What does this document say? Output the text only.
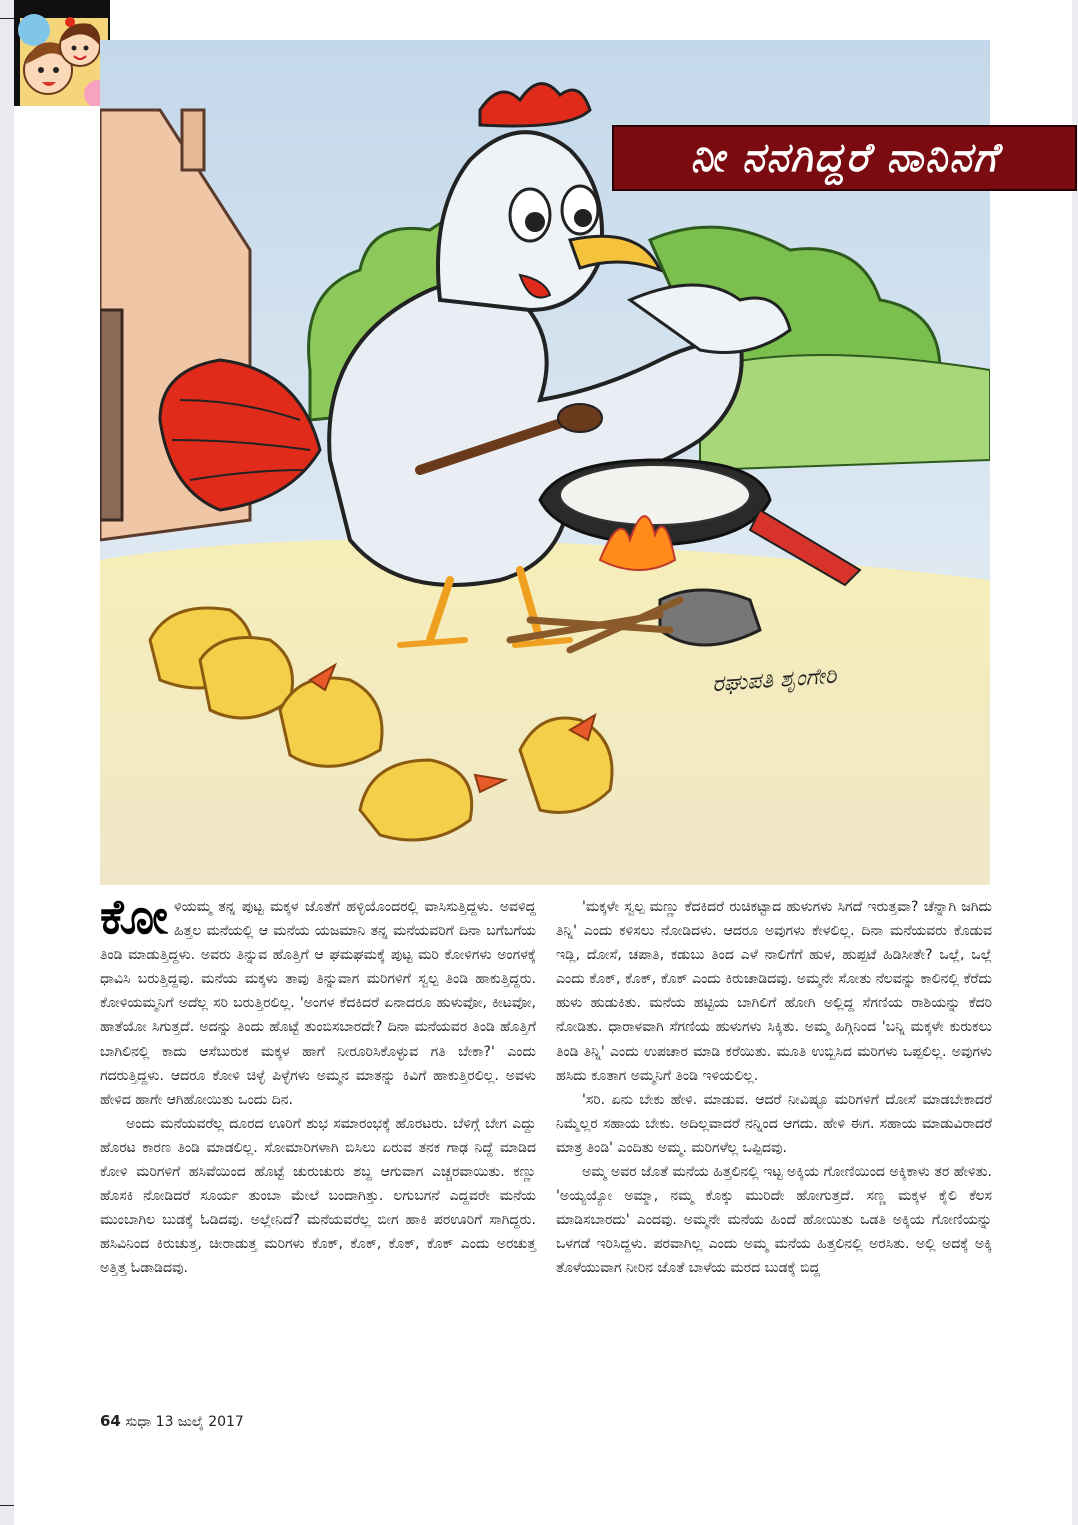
ನೀ ನನಗಿದ್ದರೆ ನಾನಿನಗೆ
ರಘುಪತಿ ಶೃಂಗೇರಿ

ಕೋಳಿಯಮ್ಮ ತನ್ನ ಪುಟ್ಟ ಮಕ್ಕಳ ಜೊತೆಗೆ ಹಳ್ಳಿಯೊಂದರಲ್ಲಿ ವಾಸಿಸುತ್ತಿದ್ದಳು. ಅವಳಿದ್ದ ಹಿತ್ತಲ ಮನೆಯಲ್ಲಿ ಆ ಮನೆಯ ಯಜಮಾನಿ ತನ್ನ ಮನೆಯವರಿಗೆ ದಿನಾ ಬಗೆಬಗೆಯ ತಿಂಡಿ ಮಾಡುತ್ತಿದ್ದಳು. ಅವರು ತಿನ್ನುವ ಹೊತ್ತಿಗೆ ಆ ಘಮಘಮಕ್ಕೆ ಪುಟ್ಟ ಮರಿ ಕೋಳಿಗಳು ಅಂಗಳಕ್ಕೆ ಧಾವಿಸಿ ಬರುತ್ತಿದ್ದವು. ಮನೆಯ ಮಕ್ಕಳು ತಾವು ತಿನ್ನುವಾಗ ಮರಿಗಳಿಗೆ ಸ್ವಲ್ಪ ತಿಂಡಿ ಹಾಕುತ್ತಿದ್ದರು. ಕೋಳಿಯಮ್ಮನಿಗೆ ಅದೆಲ್ಲ ಸರಿ ಬರುತ್ತಿರಲಿಲ್ಲ. 'ಅಂಗಳ ಕೆದಕಿದರೆ ಏನಾದರೂ ಹುಳುವೋ, ಕೀಟವೋ, ಹಾತೆಯೋ ಸಿಗುತ್ತದೆ. ಅದನ್ನು ತಿಂದು ಹೊಟ್ಟೆ ತುಂಬಿಸಬಾರದೇ? ದಿನಾ ಮನೆಯವರ ತಿಂಡಿ ಹೊತ್ತಿಗೆ ಬಾಗಿಲಿನಲ್ಲಿ ಕಾದು ಆಸೆಬುರುಕ ಮಕ್ಕಳ ಹಾಗೆ ನೀರೂರಿಸಿಕೊಳ್ಳುವ ಗತಿ ಬೇಕಾ?' ಎಂದು ಗದರುತ್ತಿದ್ದಳು. ಆದರೂ ಕೋಳಿ ಚಿಳ್ಳೆ ಪಿಳ್ಳೆಗಳು ಅಮ್ಮನ ಮಾತನ್ನು ಕಿವಿಗೆ ಹಾಕುತ್ತಿರಲಿಲ್ಲ. ಅವಳು ಹೇಳಿದ ಹಾಗೇ ಆಗಿಹೋಯಿತು ಒಂದು ದಿನ.

ಅಂದು ಮನೆಯವರೆಲ್ಲ ದೂರದ ಊರಿಗೆ ಶುಭ ಸಮಾರಂಭಕ್ಕೆ ಹೊರಟರು. ಬೆಳಿಗ್ಗೆ ಬೇಗ ಎದ್ದು ಹೊರಟ ಕಾರಣ ತಿಂಡಿ ಮಾಡಲಿಲ್ಲ. ಸೋಮಾರಿಗಳಾಗಿ ಬಿಸಿಲು ಏರುವ ತನಕ ಗಾಢ ನಿದ್ದೆ ಮಾಡಿದ ಕೋಳಿ ಮರಿಗಳಿಗೆ ಹಸಿವೆಯಿಂದ ಹೊಟ್ಟೆ ಚುರುಚುರು ಶಬ್ದ ಆಗುವಾಗ ಎಚ್ಚರವಾಯಿತು. ಕಣ್ಣು ಹೊಸಕಿ ನೋಡಿದರೆ ಸೂರ್ಯ ತುಂಬಾ ಮೇಲೆ ಬಂದಾಗಿತ್ತು. ಲಗುಬಗನೆ ಎದ್ದವರೇ ಮನೆಯ ಮುಂಬಾಗಿಲ ಬುಡಕ್ಕೆ ಓಡಿದವು. ಅಲ್ಲೇನಿದೆ? ಮನೆಯವರೆಲ್ಲ ಬೀಗ ಹಾಕಿ ಪರಊರಿಗೆ ಸಾಗಿದ್ದರು. ಹಸಿವಿನಿಂದ ಕಿರುಚುತ್ತ, ಚೀರಾಡುತ್ತ ಮರಿಗಳು ಕೊಕ್, ಕೊಕ್, ಕೊಕ್, ಕೊಕ್ ಎಂದು ಅರಚುತ್ತ ಅತ್ತಿತ್ತ ಓಡಾಡಿದವು.

'ಮಕ್ಕಳೇ ಸ್ವಲ್ಪ ಮಣ್ಣು ಕೆದಕಿದರೆ ರುಚಿಕಟ್ಟಾದ ಹುಳುಗಳು ಸಿಗದೆ ಇರುತ್ತವಾ? ಚೆನ್ನಾಗಿ ಜಗಿದು ತಿನ್ನಿ' ಎಂದು ಕಳಿಸಲು ನೋಡಿದಳು. ಆದರೂ ಅವುಗಳು ಕೇಳಲಿಲ್ಲ. ದಿನಾ ಮನೆಯವರು ಕೊಡುವ ಇಡ್ಲಿ, ದೋಸೆ, ಚಪಾತಿ, ಕಡುಬು ತಿಂದ ಎಳೆ ನಾಲಿಗೆಗೆ ಹುಳ, ಹುಪ್ಪಟೆ ಹಿಡಿಸೀತೇ? ಒಲ್ಲೆ, ಒಲ್ಲೆ ಎಂದು ಕೊಕ್, ಕೊಕ್, ಕೊಕ್ ಎಂದು ಕಿರುಚಾಡಿದವು. ಅಮ್ಮನೇ ಸೋತು ನೆಲವನ್ನು ಕಾಲಿನಲ್ಲಿ ಕೆರೆದು ಹುಳು ಹುಡುಕಿತು. ಮನೆಯ ಹಟ್ಟಿಯ ಬಾಗಿಲಿಗೆ ಹೋಗಿ ಅಲ್ಲಿದ್ದ ಸೆಗಣಿಯ ರಾಶಿಯನ್ನು ಕೆದರಿ ನೋಡಿತು. ಧಾರಾಳವಾಗಿ ಸೆಗಣಿಯ ಹುಳುಗಳು ಸಿಕ್ಕಿತು. ಅಮ್ಮ ಹಿಗ್ಗಿನಿಂದ 'ಬನ್ನಿ ಮಕ್ಕಳೇ ಕುರುಕಲು ತಿಂಡಿ ತಿನ್ನಿ' ಎಂದು ಉಪಚಾರ ಮಾಡಿ ಕರೆಯಿತು. ಮೂತಿ ಉಬ್ಬಿಸಿದ ಮರಿಗಳು ಒಪ್ಪಲಿಲ್ಲ. ಅವುಗಳು ಹಸಿದು ಕೂತಾಗ ಅಮ್ಮನಿಗೆ ತಿಂಡಿ ಇಳಿಯಲಿಲ್ಲ.

'ಸರಿ. ಏನು ಬೇಕು ಹೇಳಿ. ಮಾಡುವ. ಆದರೆ ನೀವಿಷ್ಟೂ ಮರಿಗಳಿಗೆ ದೋಸೆ ಮಾಡಬೇಕಾದರೆ ನಿಮ್ಮೆಲ್ಲರ ಸಹಾಯ ಬೇಕು. ಅದಿಲ್ಲವಾದರೆ ನನ್ನಿಂದ ಆಗದು. ಹೇಳಿ ಈಗ. ಸಹಾಯ ಮಾಡುವಿರಾದರೆ ಮಾತ್ರ ತಿಂಡಿ' ಎಂದಿತು ಅಮ್ಮ. ಮರಿಗಳೆಲ್ಲ ಒಪ್ಪಿದವು.

ಅಮ್ಮ ಅವರ ಜೊತೆ ಮನೆಯ ಹಿತ್ತಲಿನಲ್ಲಿ ಇಟ್ಟ ಅಕ್ಕಿಯ ಗೋಣಿಯಿಂದ ಅಕ್ಕಿಕಾಳು ತರ ಹೇಳಿತು. 'ಅಯ್ಯಯ್ಯೋ ಅಮ್ಮಾ, ನಮ್ಮ ಕೊಕ್ಕು ಮುರಿದೇ ಹೋಗುತ್ತದೆ. ಸಣ್ಣ ಮಕ್ಕಳ ಕೈಲಿ ಕೆಲಸ ಮಾಡಿಸಬಾರದು' ಎಂದವು. ಅಮ್ಮನೇ ಮನೆಯ ಹಿಂದೆ ಹೋಯಿತು ಒಡತಿ ಅಕ್ಕಿಯ ಗೋಣಿಯನ್ನು ಒಳಗಡೆ ಇರಿಸಿದ್ದಳು. ಪರವಾಗಿಲ್ಲ ಎಂದು ಅಮ್ಮ ಮನೆಯ ಹಿತ್ತಲಿನಲ್ಲಿ ಅರಸಿತು. ಅಲ್ಲಿ ಅದಕ್ಕೆ ಅಕ್ಕಿ ತೊಳೆಯುವಾಗ ನೀರಿನ ಜೊತೆ ಬಾಳೆಯ ಮರದ ಬುಡಕ್ಕೆ ಬಿದ್ದ

64 ಸುಧಾ 13 ಜುಲೈ 2017
